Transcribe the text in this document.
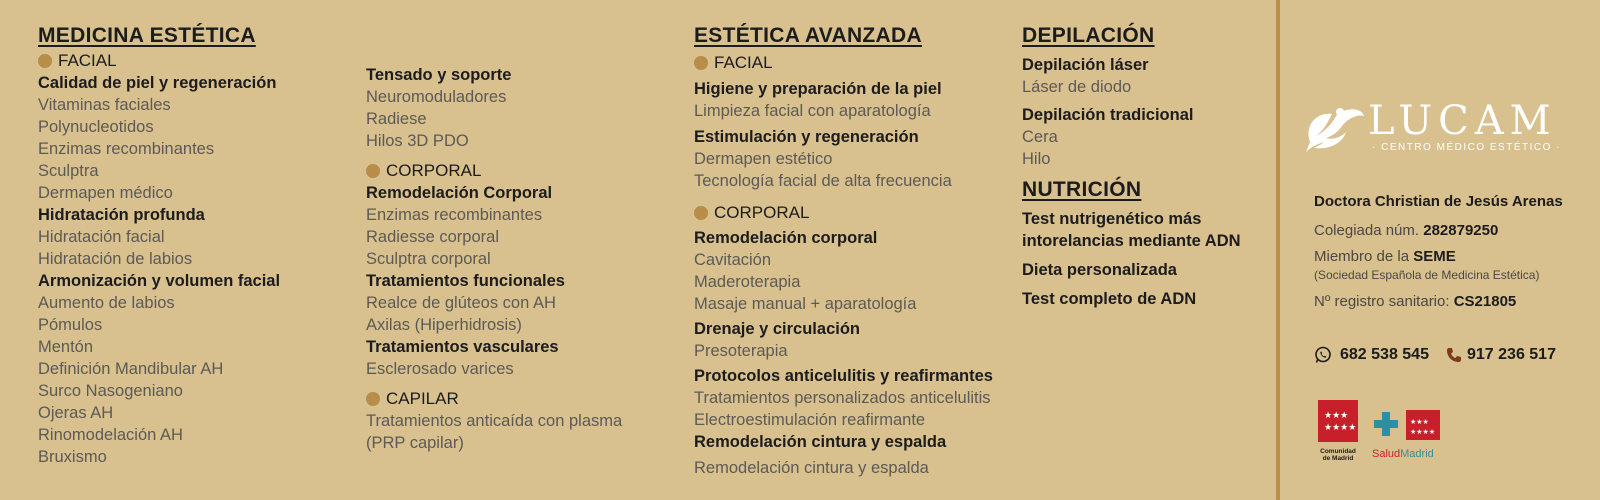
MEDICINA ESTÉTICA
FACIAL
Calidad de piel y regeneración
Vitaminas faciales
Polynucleotidos
Enzimas recombinantes
Sculptra
Dermapen médico
Hidratación profunda
Hidratación facial
Hidratación de labios
Armonización y volumen facial
Aumento de labios
Pómulos
Mentón
Definición Mandibular AH
Surco Nasogeniano
Ojeras AH
Rinomodelación AH
Bruxismo
Tensado y soporte
Neuromoduladores
Radiese
Hilos 3D PDO
CORPORAL
Remodelación Corporal
Enzimas recombinantes
Radiesse corporal
Sculptra corporal
Tratamientos funcionales
Realce de glúteos con AH
Axilas (Hiperhidrosis)
Tratamientos vasculares
Esclerosado varices
CAPILAR
Tratamientos anticaída con plasma
(PRP capilar)
ESTÉTICA AVANZADA
FACIAL
Higiene y preparación de la piel
Limpieza facial con aparatología
Estimulación y regeneración
Dermapen estético
Tecnología facial de alta frecuencia
CORPORAL
Remodelación corporal
Cavitación
Maderoterapia
Masaje manual + aparatología
Drenaje y circulación
Presoterapia
Protocolos anticelulitis y reafirmantes
Tratamientos personalizados anticelulitis
Electroestimulación reafirmante
Remodelación cintura y espalda
Remodelación cintura y espalda
DEPILACIÓN
Depilación láser
Láser de diodo
Depilación tradicional
Cera
Hilo
NUTRICIÓN
Test nutrigenético más
intorelancias mediante ADN
Dieta personalizada
Test completo de ADN
LUCAM
· CENTRO MÉDICO ESTÉTICO ·
Doctora Christian de Jesús Arenas
Colegiada núm. 282879250
Miembro de la SEME
(Sociedad Española de Medicina Estética)
Nº registro sanitario: CS21805
682 538 545 917 236 517
★★★
★★★★
Comunidad
de Madrid
★★★
★★★★
SaludMadrid
